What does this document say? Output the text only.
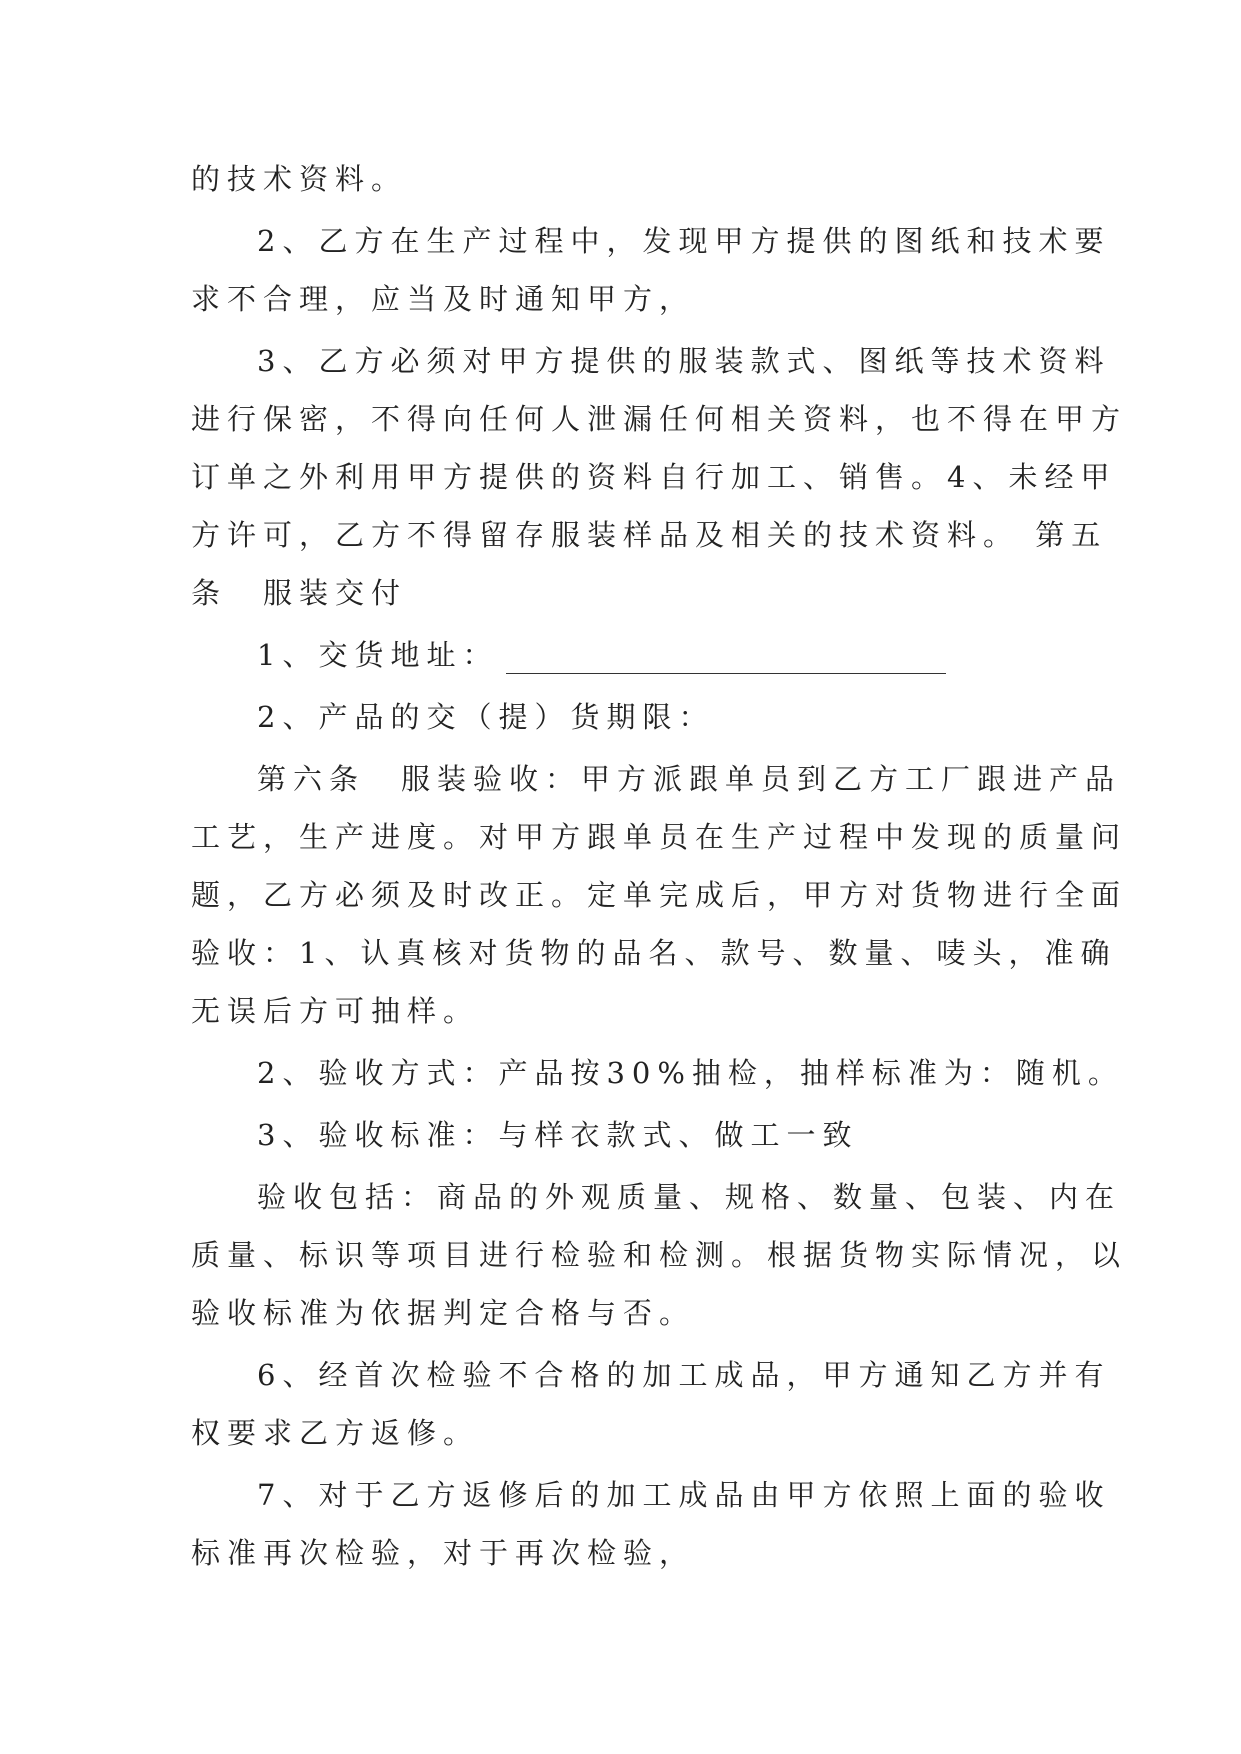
的技术资料。
2、乙方在生产过程中，发现甲方提供的图纸和技术要
求不合理，应当及时通知甲方，
3、乙方必须对甲方提供的服装款式、图纸等技术资料
进行保密，不得向任何人泄漏任何相关资料，也不得在甲方
订单之外利用甲方提供的资料自行加工、销售。4、未经甲
方许可，乙方不得留存服装样品及相关的技术资料。 第五
条　服装交付
1、交货地址：
2、产品的交（提）货期限：
第六条　服装验收：甲方派跟单员到乙方工厂跟进产品
工艺，生产进度。对甲方跟单员在生产过程中发现的质量问
题，乙方必须及时改正。定单完成后，甲方对货物进行全面
验收：1、认真核对货物的品名、款号、数量、唛头，准确
无误后方可抽样。
2、验收方式：产品按30%抽检，抽样标准为：随机。
3、验收标准：与样衣款式、做工一致
验收包括：商品的外观质量、规格、数量、包装、内在
质量、标识等项目进行检验和检测。根据货物实际情况，以
验收标准为依据判定合格与否。
6、经首次检验不合格的加工成品，甲方通知乙方并有
权要求乙方返修。
7、对于乙方返修后的加工成品由甲方依照上面的验收
标准再次检验，对于再次检验，
